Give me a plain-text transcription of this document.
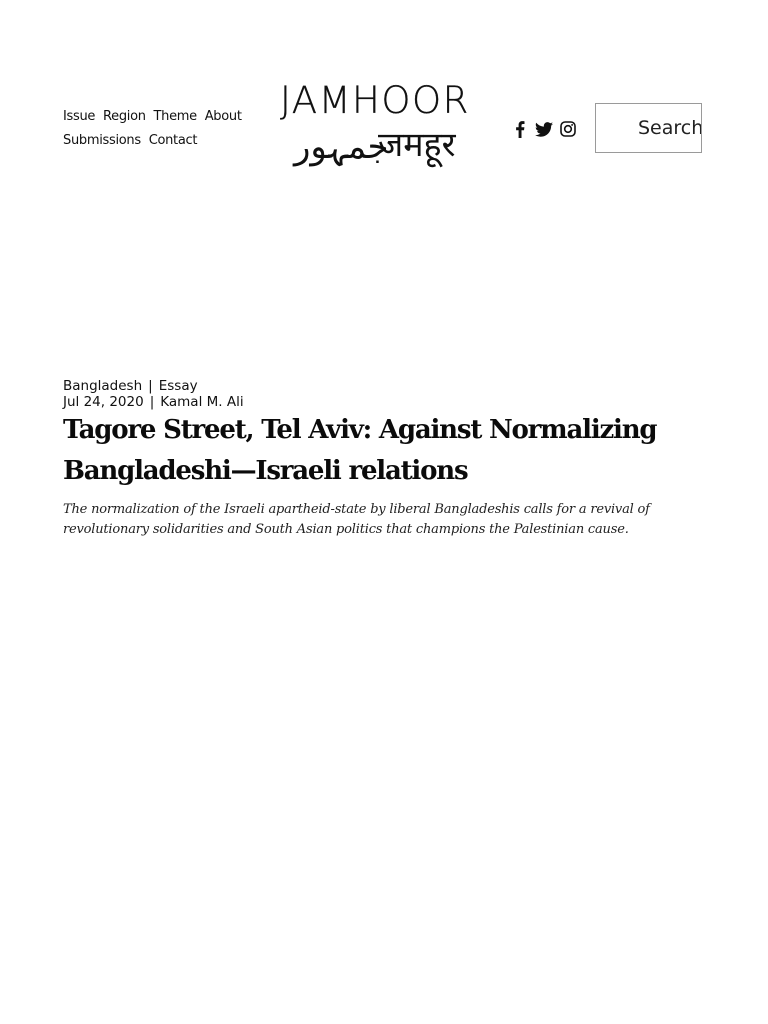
Issue Region Theme About
Submissions Contact
JAMHOOR
جمہور
जमहूर
Search
Bangladesh | Essay
Jul 24, 2020 | Kamal M. Ali
Tagore Street, Tel Aviv: Against Normalizing Bangladeshi—Israeli relations

The normalization of the Israeli apartheid-state by liberal Bangladeshis calls for a revival of revolutionary solidarities and South Asian politics that champions the Palestinian cause.
